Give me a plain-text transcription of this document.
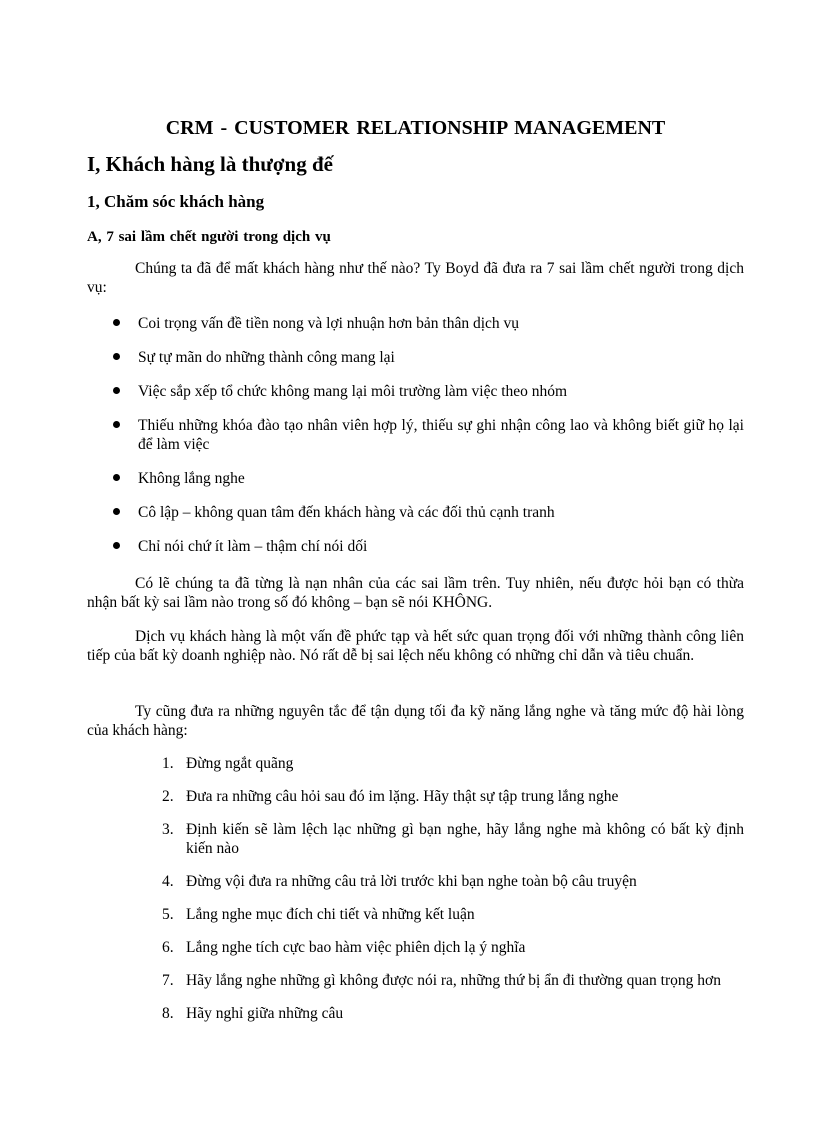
CRM - CUSTOMER RELATIONSHIP MANAGEMENT
I, Khách hàng là thượng đế
1, Chăm sóc khách hàng
A, 7 sai lầm chết người trong dịch vụ

Chúng ta đã để mất khách hàng như thế nào? Ty Boyd đã đưa ra 7 sai lầm chết người trong dịch vụ:

Coi trọng vấn đề tiền nong và lợi nhuận hơn bản thân dịch vụ
Sự tự mãn do những thành công mang lại
Việc sắp xếp tổ chức không mang lại môi trường làm việc theo nhóm
Thiếu những khóa đào tạo nhân viên hợp lý, thiếu sự ghi nhận công lao và không biết giữ họ lại để làm việc
Không lắng nghe
Cô lập – không quan tâm đến khách hàng và các đối thủ cạnh tranh
Chỉ nói chứ ít làm – thậm chí nói dối

Có lẽ chúng ta đã từng là nạn nhân của các sai lầm trên. Tuy nhiên, nếu được hỏi bạn có thừa nhận bất kỳ sai lầm nào trong số đó không – bạn sẽ nói KHÔNG.

Dịch vụ khách hàng là một vấn đề phức tạp và hết sức quan trọng đối với những thành công liên tiếp của bất kỳ doanh nghiệp nào. Nó rất dễ bị sai lệch nếu không có những chỉ dẫn và tiêu chuẩn.

Ty cũng đưa ra những nguyên tắc để tận dụng tối đa kỹ năng lắng nghe và tăng mức độ hài lòng của khách hàng:

1. Đừng ngắt quãng
2. Đưa ra những câu hỏi sau đó im lặng. Hãy thật sự tập trung lắng nghe
3. Định kiến sẽ làm lệch lạc những gì bạn nghe, hãy lắng nghe mà không có bất kỳ định kiến nào
4. Đừng vội đưa ra những câu trả lời trước khi bạn nghe toàn bộ câu truyện
5. Lắng nghe mục đích chi tiết và những kết luận
6. Lắng nghe tích cực bao hàm việc phiên dịch lạ ý nghĩa
7. Hãy lắng nghe những gì không được nói ra, những thứ bị ẩn đi thường quan trọng hơn
8. Hãy nghỉ giữa những câu
